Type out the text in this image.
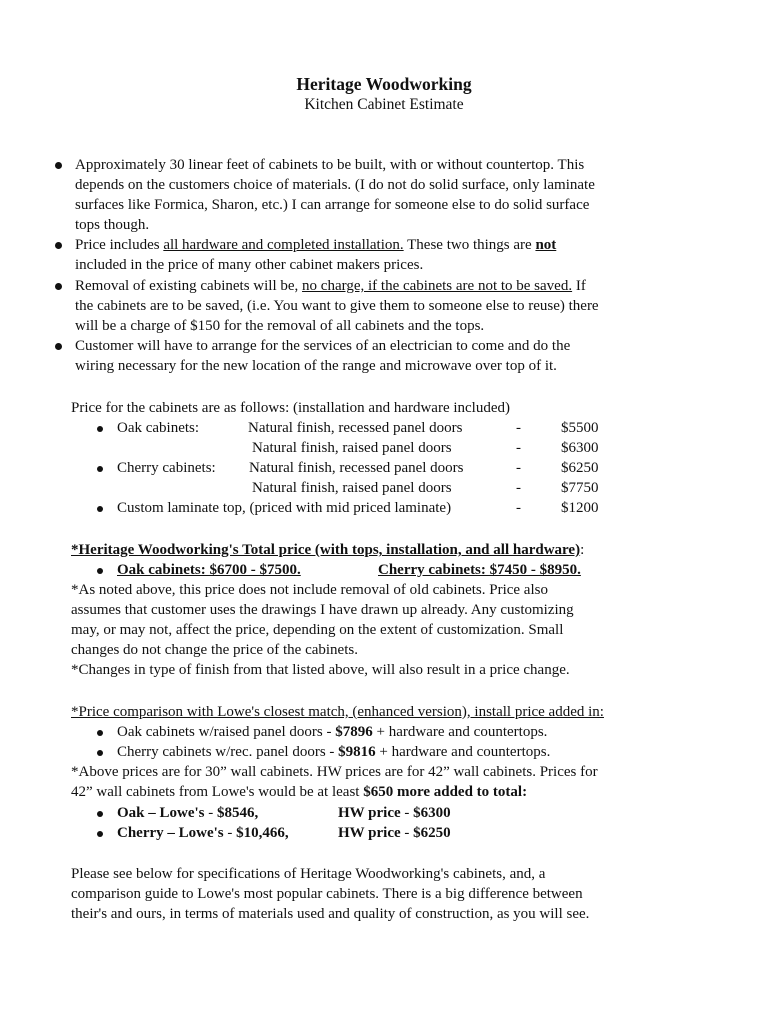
Heritage Woodworking
Kitchen Cabinet Estimate
Approximately 30 linear feet of cabinets to be built, with or without countertop. This
depends on the customers choice of materials. (I do not do solid surface, only laminate
surfaces like Formica, Sharon, etc.) I can arrange for someone else to do solid surface
tops though.
Price includes all hardware and completed installation. These two things are not
included in the price of many other cabinet makers prices.
Removal of existing cabinets will be, no charge, if the cabinets are not to be saved. If
the cabinets are to be saved, (i.e. You want to give them to someone else to reuse) there
will be a charge of $150 for the removal of all cabinets and the tops.
Customer will have to arrange for the services of an electrician to come and do the
wiring necessary for the new location of the range and microwave over top of it.
Price for the cabinets are as follows: (installation and hardware included)
Oak cabinets:	Natural finish, recessed panel doors	-	$5500
Natural finish, raised panel doors	-	$6300
Cherry cabinets: Natural finish, recessed panel doors	-	$6250
Natural finish, raised panel doors	-	$7750
Custom laminate top, (priced with mid priced laminate)	-	$1200
*Heritage Woodworking's Total price (with tops, installation, and all hardware):
Oak cabinets: $6700 - $7500.	Cherry cabinets: $7450 - $8950.
*As noted above, this price does not include removal of old cabinets. Price also
assumes that customer uses the drawings I have drawn up already. Any customizing
may, or may not, affect the price, depending on the extent of customization. Small
changes do not change the price of the cabinets.
*Changes in type of finish from that listed above, will also result in a price change.
*Price comparison with Lowe's closest match, (enhanced version), install price added in:
Oak cabinets w/raised panel doors - $7896 + hardware and countertops.
Cherry cabinets w/rec. panel doors - $9816 + hardware and countertops.
*Above prices are for 30” wall cabinets. HW prices are for 42” wall cabinets. Prices for
42” wall cabinets from Lowe's would be at least $650 more added to total:
Oak – Lowe's - $8546,	HW price - $6300
Cherry – Lowe's - $10,466,	HW price - $6250
Please see below for specifications of Heritage Woodworking's cabinets, and, a
comparison guide to Lowe's most popular cabinets. There is a big difference between
their's and ours, in terms of materials used and quality of construction, as you will see.
